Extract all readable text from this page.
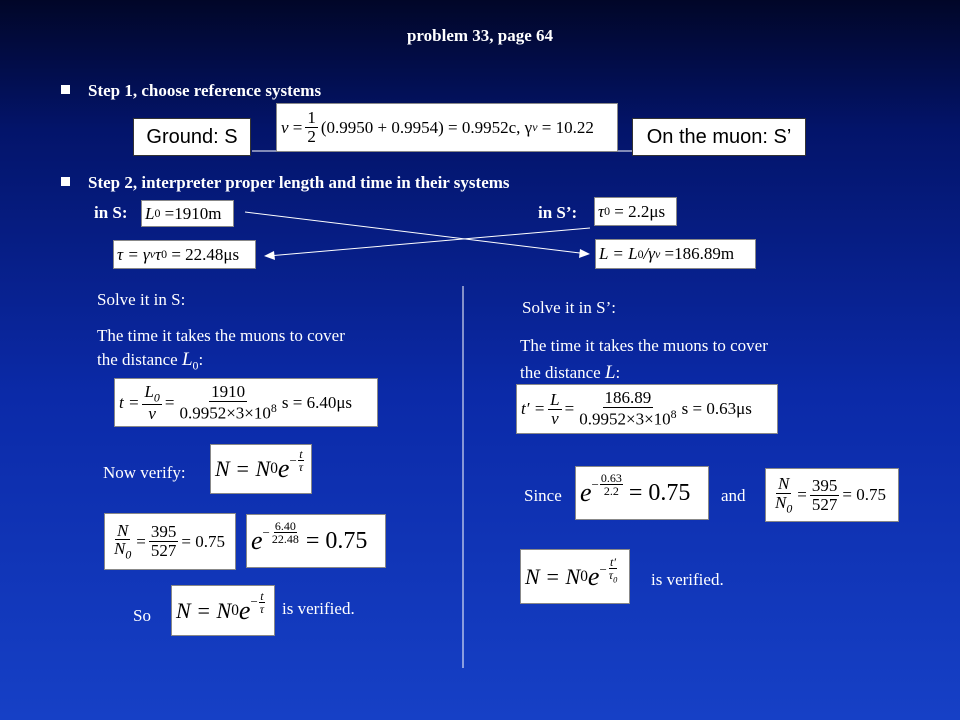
problem 33, page 64
Step 1, choose reference systems
Ground: S	$v = \frac{1}{2} (0.9950 + 0.9954) = 0.9952c$, γ v
= 10.22	On the muon: S’
Step 2, interpreter proper length and time in their systems
in S: L 0
=1910m	in S’: τ 0
= 2.2μs
τ = γ v τ 0
= 22.48μs	L = L 0 /γ v
=186.89m
Solve it in S:
The time it takes the muons to cover
the distance $L_0$:
$t = \frac{L_0}{v} = \frac{1910}{0.9952\times 3\times 10^8}$ s = 6.40μs
Now verify: N = N 0 $e - \frac{t}{\tau}$
$\frac{N}{N_0} = \frac{395}{527} = 0.75$ $e - \frac{6.40}{22.48}$
= 0.75
So N = N 0 $e - \frac{t}{\tau}$ is verified.
Solve it in S’:
The time it takes the muons to cover
the distance L:
$t' = \frac{L}{v} = \frac{186.89}{0.9952\times 3\times 10^8}$ s = 0.63μs
Since $e - \frac{0.63}{2.2}$
= 0.75 and $\frac{N}{N_0} = \frac{395}{527} = 0.75$
N = N 0 $e - \frac{t'}{\tau_0}$ is verified.
